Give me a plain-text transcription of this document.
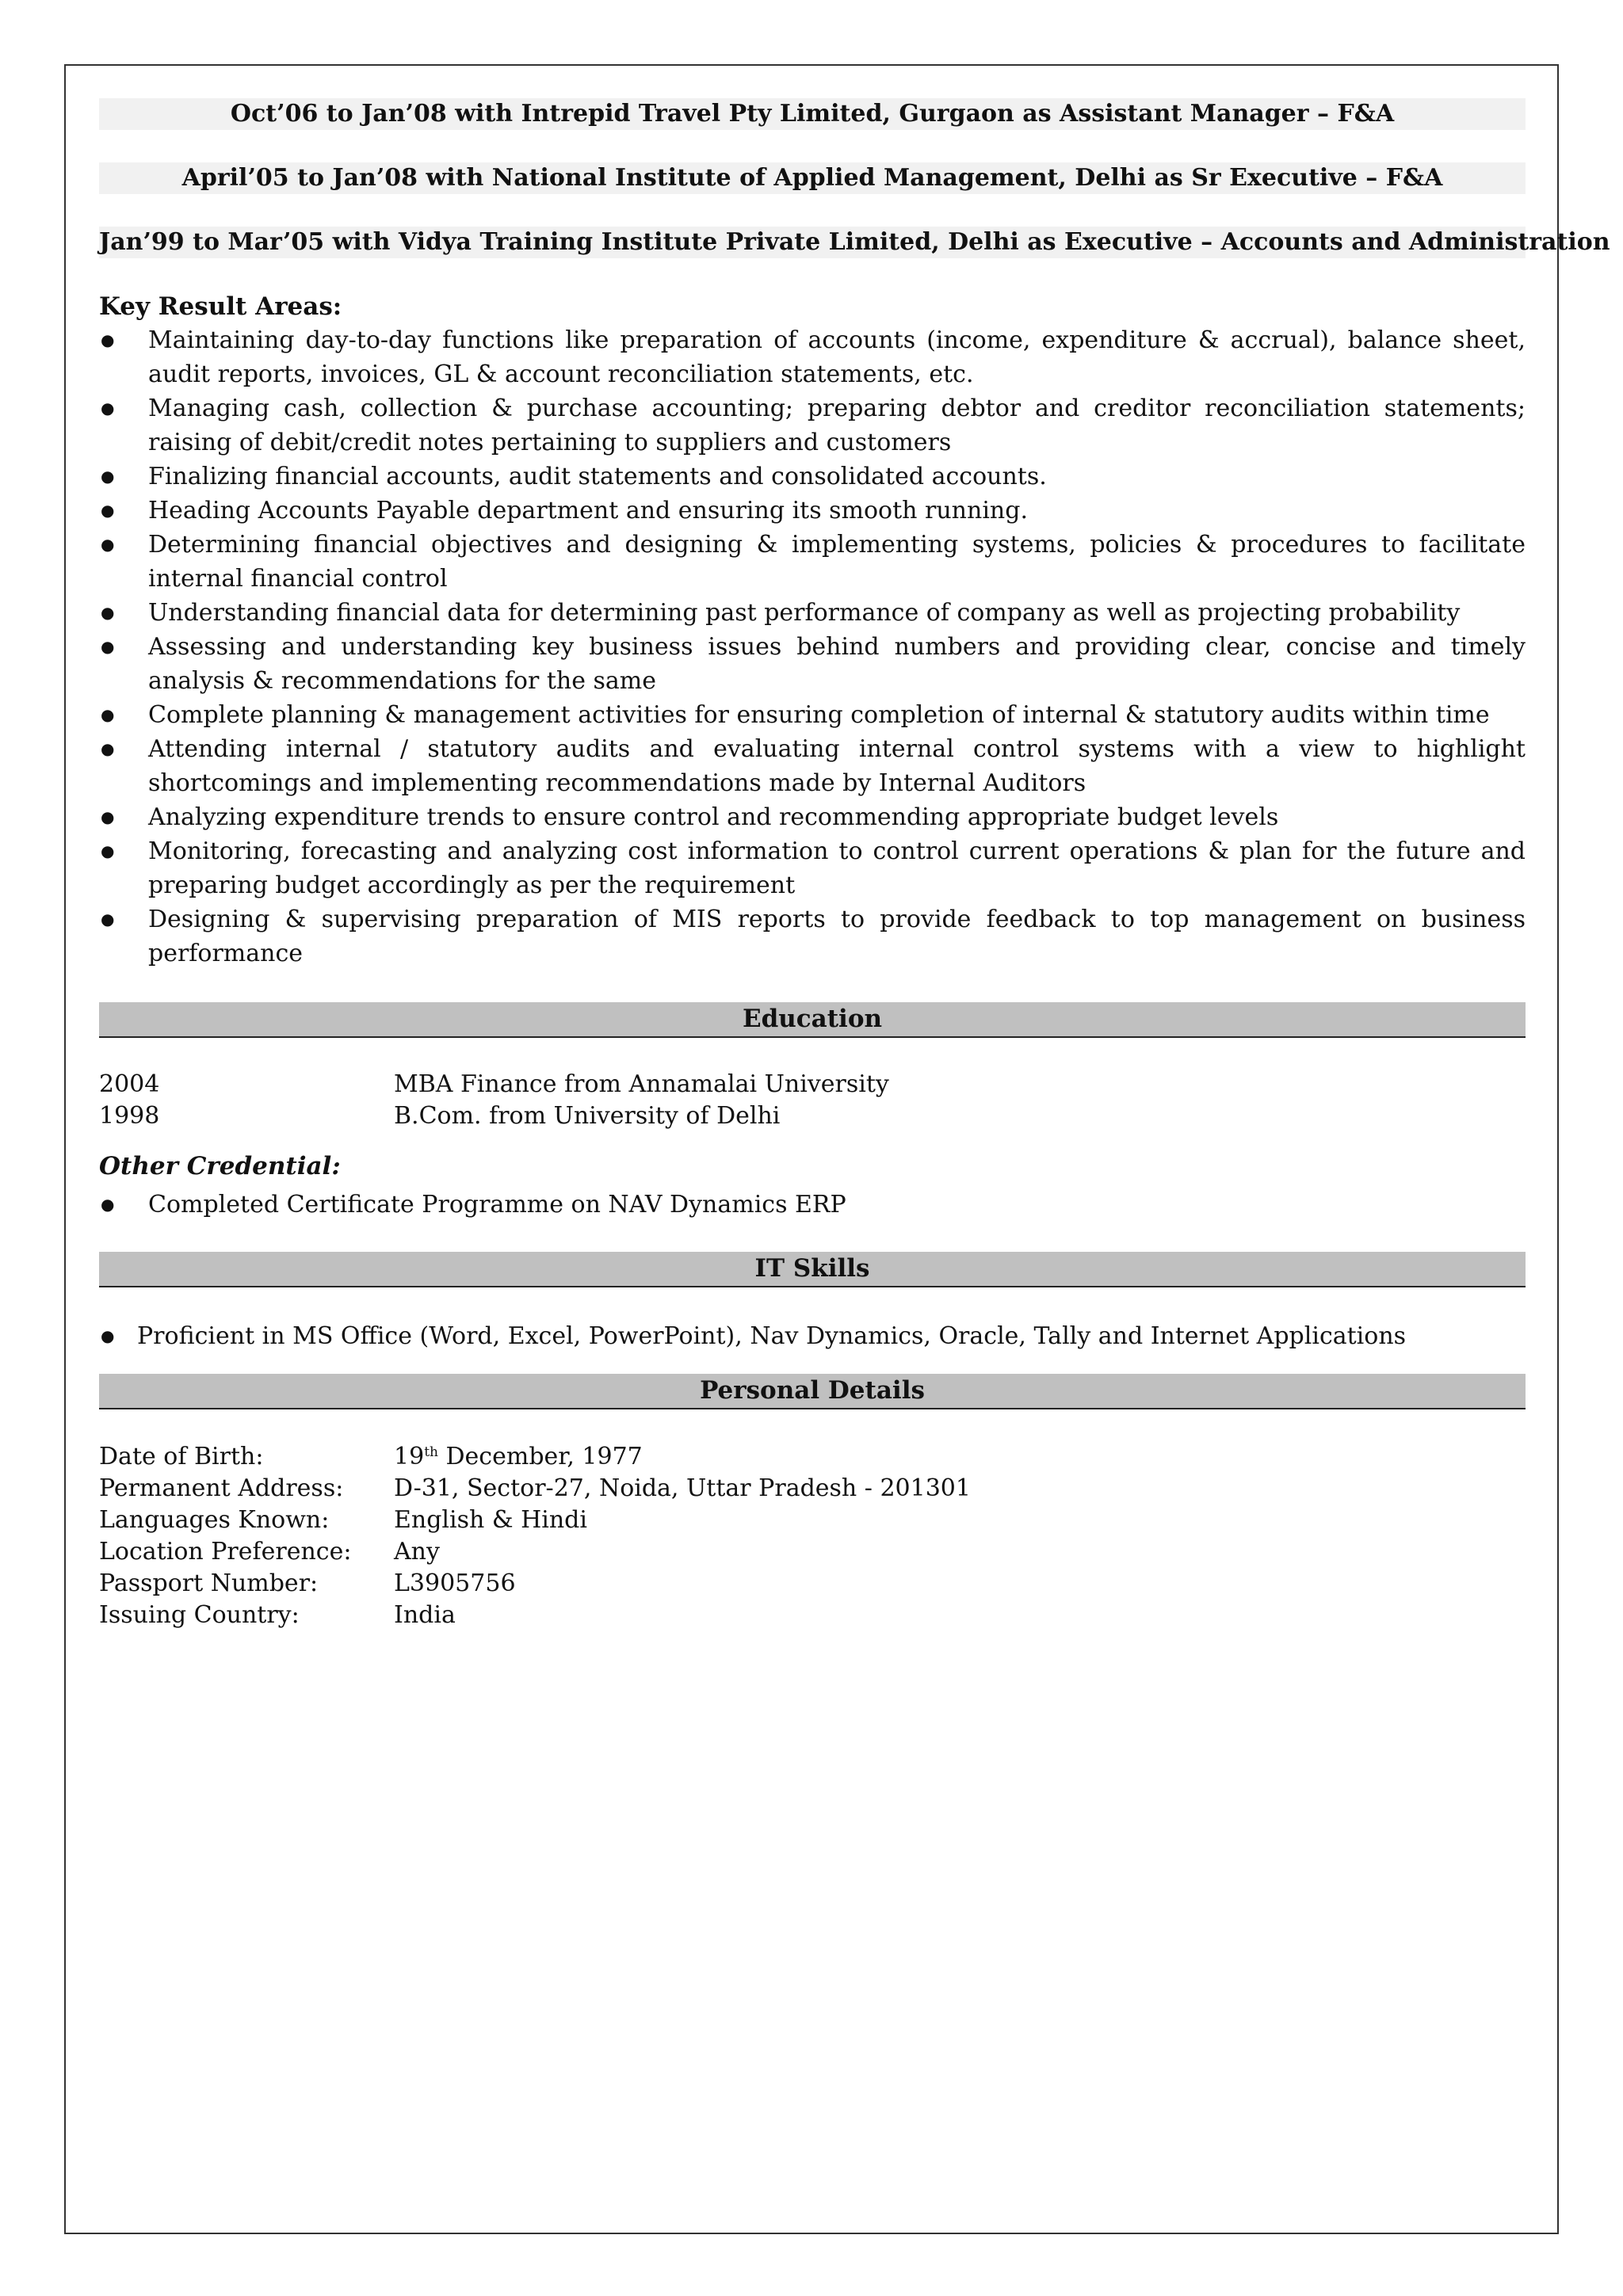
Oct’06 to Jan’08 with Intrepid Travel Pty Limited, Gurgaon as Assistant Manager – F&A
April’05 to Jan’08 with National Institute of Applied Management, Delhi as Sr Executive – F&A
Jan’99 to Mar’05 with Vidya Training Institute Private Limited, Delhi as Executive – Accounts and Administration
Key Result Areas:
● Maintaining day-to-day functions like preparation of accounts (income, expenditure & accrual), balance sheet, audit reports, invoices, GL & account reconciliation statements, etc.
● Managing cash, collection & purchase accounting; preparing debtor and creditor reconciliation statements; raising of debit/credit notes pertaining to suppliers and customers
● Finalizing financial accounts, audit statements and consolidated accounts.
● Heading Accounts Payable department and ensuring its smooth running.
● Determining financial objectives and designing & implementing systems, policies & procedures to facilitate internal financial control
● Understanding financial data for determining past performance of company as well as projecting probability
● Assessing and understanding key business issues behind numbers and providing clear, concise and timely analysis & recommendations for the same
● Complete planning & management activities for ensuring completion of internal & statutory audits within time
● Attending internal / statutory audits and evaluating internal control systems with a view to highlight shortcomings and implementing recommendations made by Internal Auditors
● Analyzing expenditure trends to ensure control and recommending appropriate budget levels
● Monitoring, forecasting and analyzing cost information to control current operations & plan for the future and preparing budget accordingly as per the requirement
● Designing & supervising preparation of MIS reports to provide feedback to top management on business performance
Education
2004	MBA Finance from Annamalai University
1998	B.Com. from University of Delhi
Other Credential:
● Completed Certificate Programme on NAV Dynamics ERP
IT Skills
● Proficient in MS Office (Word, Excel, PowerPoint), Nav Dynamics, Oracle, Tally and Internet Applications
Personal Details
Date of Birth:	19th December, 1977
Permanent Address:	D-31, Sector-27, Noida, Uttar Pradesh - 201301
Languages Known:	English & Hindi
Location Preference:	Any
Passport Number:	L3905756
Issuing Country:	India
